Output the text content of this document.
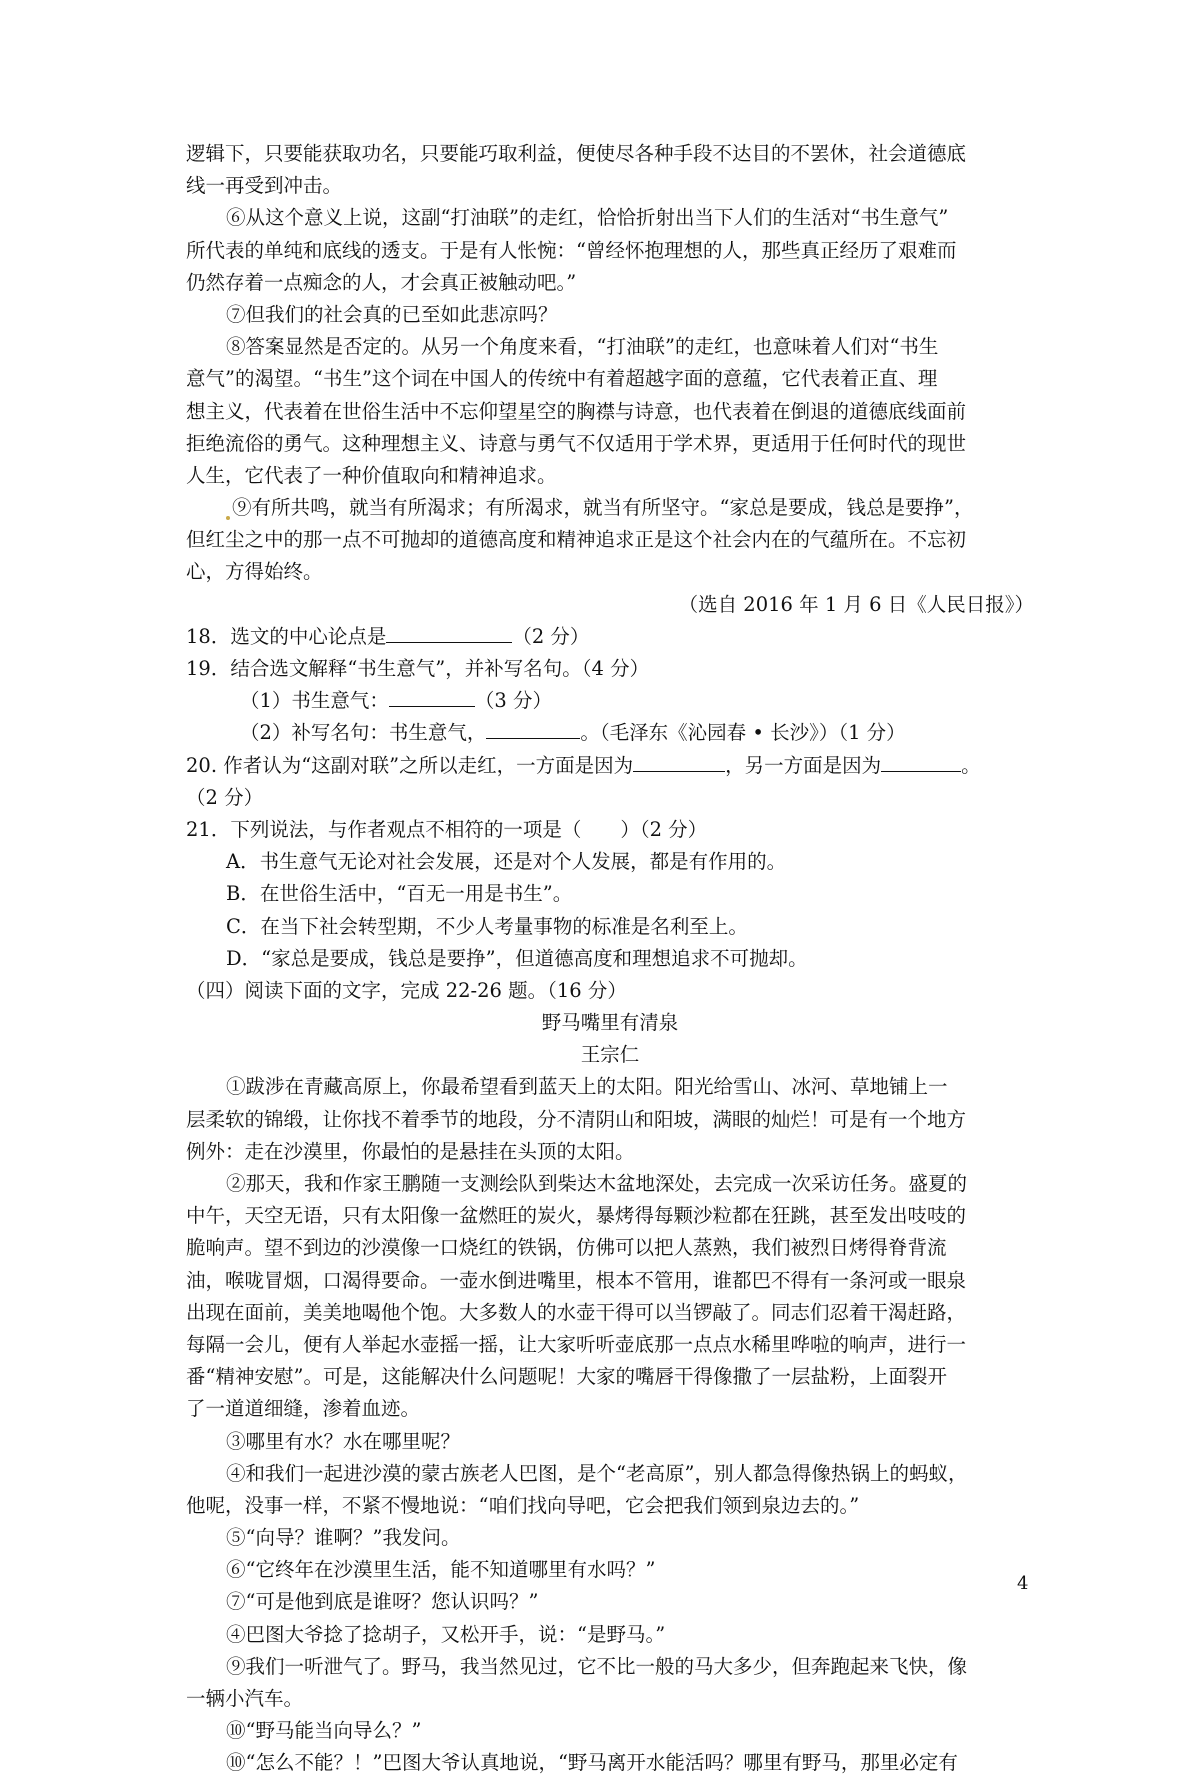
逻辑下，只要能获取功名，只要能巧取利益，便使尽各种手段不达目的不罢休，社会道德底
线一再受到冲击。
⑥从这个意义上说，这副“打油联”的走红，恰恰折射出当下人们的生活对“书生意气”
所代表的单纯和底线的透支。于是有人怅惋：“曾经怀抱理想的人，那些真正经历了艰难而
仍然存着一点痴念的人，才会真正被触动吧。”
⑦但我们的社会真的已至如此悲凉吗？
⑧答案显然是否定的。从另一个角度来看，“打油联”的走红，也意味着人们对“书生
意气”的渴望。“书生”这个词在中国人的传统中有着超越字面的意蕴，它代表着正直、理
想主义，代表着在世俗生活中不忘仰望星空的胸襟与诗意，也代表着在倒退的道德底线面前
拒绝流俗的勇气。这种理想主义、诗意与勇气不仅适用于学术界，更适用于任何时代的现世
人生，它代表了一种价值取向和精神追求。
⑨有所共鸣，就当有所渴求；有所渴求，就当有所坚守。“家总是要成，钱总是要挣”，
但红尘之中的那一点不可抛却的道德高度和精神追求正是这个社会内在的气蕴所在。不忘初
心，方得始终。
（选自 2016 年 1 月 6 日《人民日报》）
18．选文的中心论点是	（2 分）
19．结合选文解释“书生意气”，并补写名句。（4 分）
（1）书生意气：	（3 分）
（2）补写名句：书生意气，	。（毛泽东《沁园春 • 长沙》）（1 分）
20. 作者认为“这副对联”之所以走红，一方面是因为	，另一方面是因为	。
（2 分）
21．下列说法，与作者观点不相符的一项是（　　）（2 分）
A．书生意气无论对社会发展，还是对个人发展，都是有作用的。
B．在世俗生活中，“百无一用是书生”。
C．在当下社会转型期，不少人考量事物的标准是名利至上。
D．“家总是要成，钱总是要挣”，但道德高度和理想追求不可抛却。
（四）阅读下面的文字，完成 22-26 题。（16 分）
野马嘴里有清泉
王宗仁
①跋涉在青藏高原上，你最希望看到蓝天上的太阳。阳光给雪山、冰河、草地铺上一
层柔软的锦缎，让你找不着季节的地段，分不清阴山和阳坡，满眼的灿烂！可是有一个地方
例外：走在沙漠里，你最怕的是悬挂在头顶的太阳。
②那天，我和作家王鹏随一支测绘队到柴达木盆地深处，去完成一次采访任务。盛夏的
中午，天空无语，只有太阳像一盆燃旺的炭火，暴烤得每颗沙粒都在狂跳，甚至发出吱吱的
脆响声。望不到边的沙漠像一口烧红的铁锅，仿佛可以把人蒸熟，我们被烈日烤得脊背流
油，喉咙冒烟，口渴得要命。一壶水倒进嘴里，根本不管用，谁都巴不得有一条河或一眼泉
出现在面前，美美地喝他个饱。大多数人的水壶干得可以当锣敲了。同志们忍着干渴赶路，
每隔一会儿，便有人举起水壶摇一摇，让大家听听壶底那一点点水稀里哗啦的响声，进行一
番“精神安慰”。可是，这能解决什么问题呢！大家的嘴唇干得像撒了一层盐粉，上面裂开
了一道道细缝，渗着血迹。
③哪里有水？水在哪里呢？
④和我们一起进沙漠的蒙古族老人巴图，是个“老高原”，别人都急得像热锅上的蚂蚁，
他呢，没事一样，不紧不慢地说：“咱们找向导吧，它会把我们领到泉边去的。”
⑤“向导？谁啊？”我发问。
⑥“它终年在沙漠里生活，能不知道哪里有水吗？”
⑦“可是他到底是谁呀？您认识吗？”
④巴图大爷捻了捻胡子，又松开手，说：“是野马。”
⑨我们一听泄气了。野马，我当然见过，它不比一般的马大多少，但奔跑起来飞快，像
一辆小汽车。
⑩“野马能当向导么？”
⑩“怎么不能？！”巴图大爷认真地说，“野马离开水能活吗？哪里有野马，那里必定有
4
